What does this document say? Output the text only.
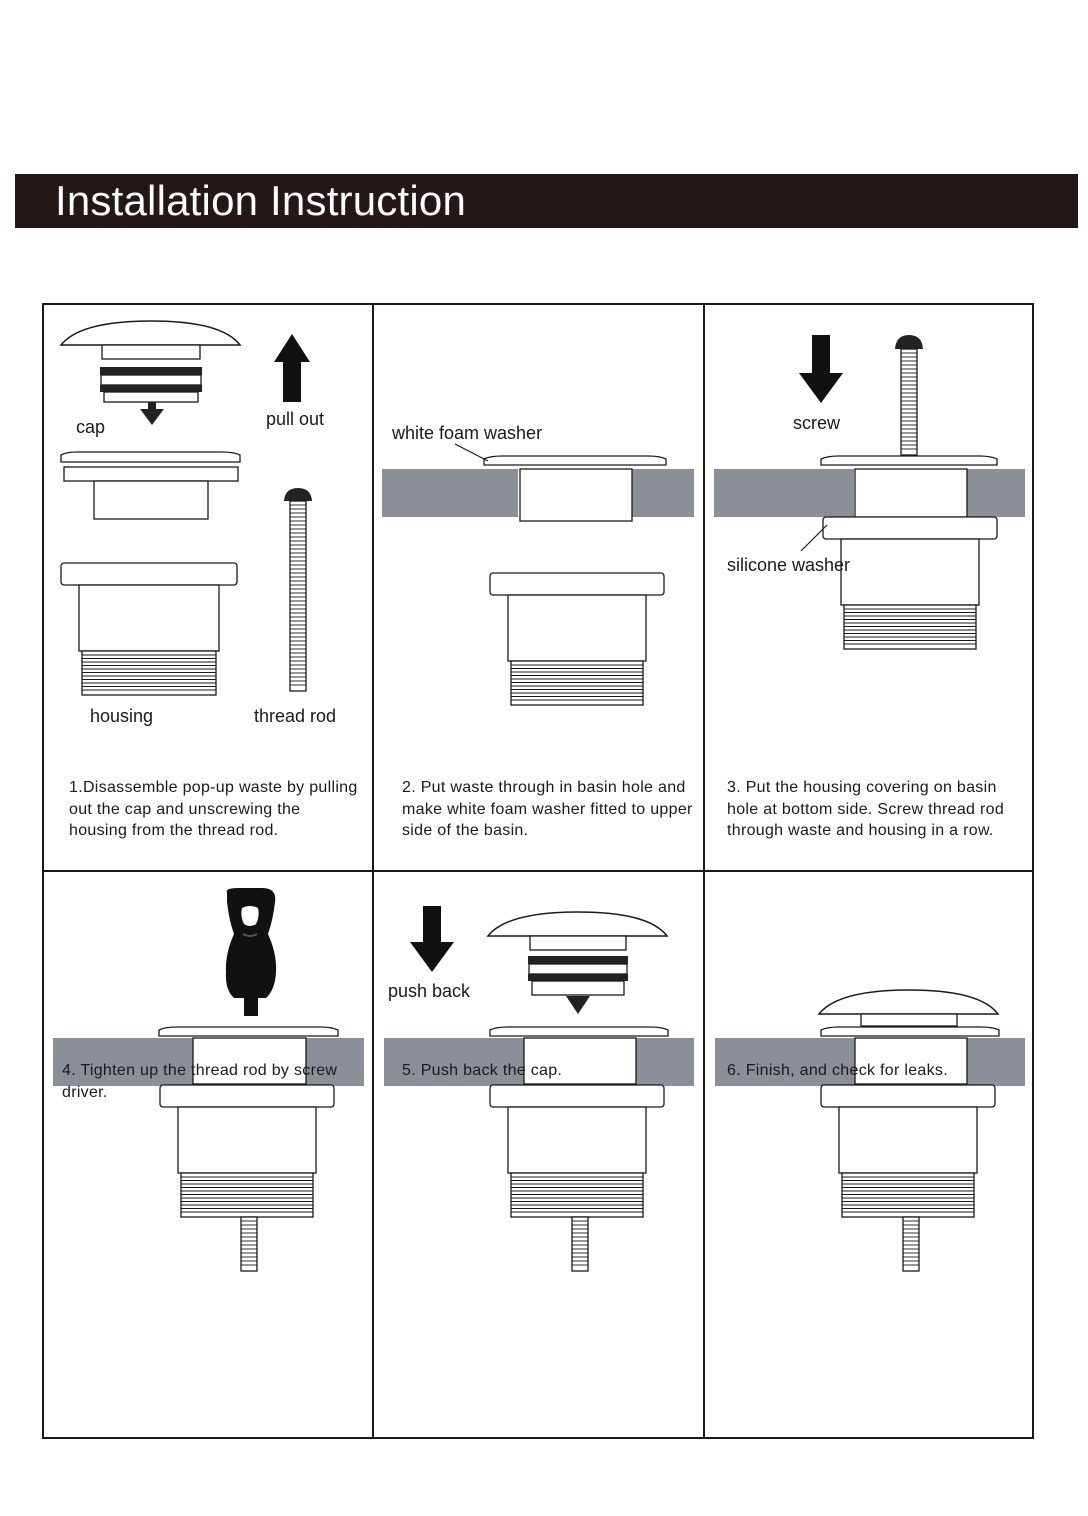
Installation Instruction
cap	pull out
housing	thread rod
1.Disassemble pop-up waste by pulling out the cap and unscrewing the housing from the thread rod.
white foam washer
2. Put waste through in basin hole and make white foam washer fitted to upper side of the basin.
screw
silicone washer
3. Put the housing covering on basin hole at bottom side. Screw thread rod through waste and housing in a row.
4. Tighten up the thread rod by screw driver.
push back
5. Push back the cap.	6. Finish, and check for leaks.
